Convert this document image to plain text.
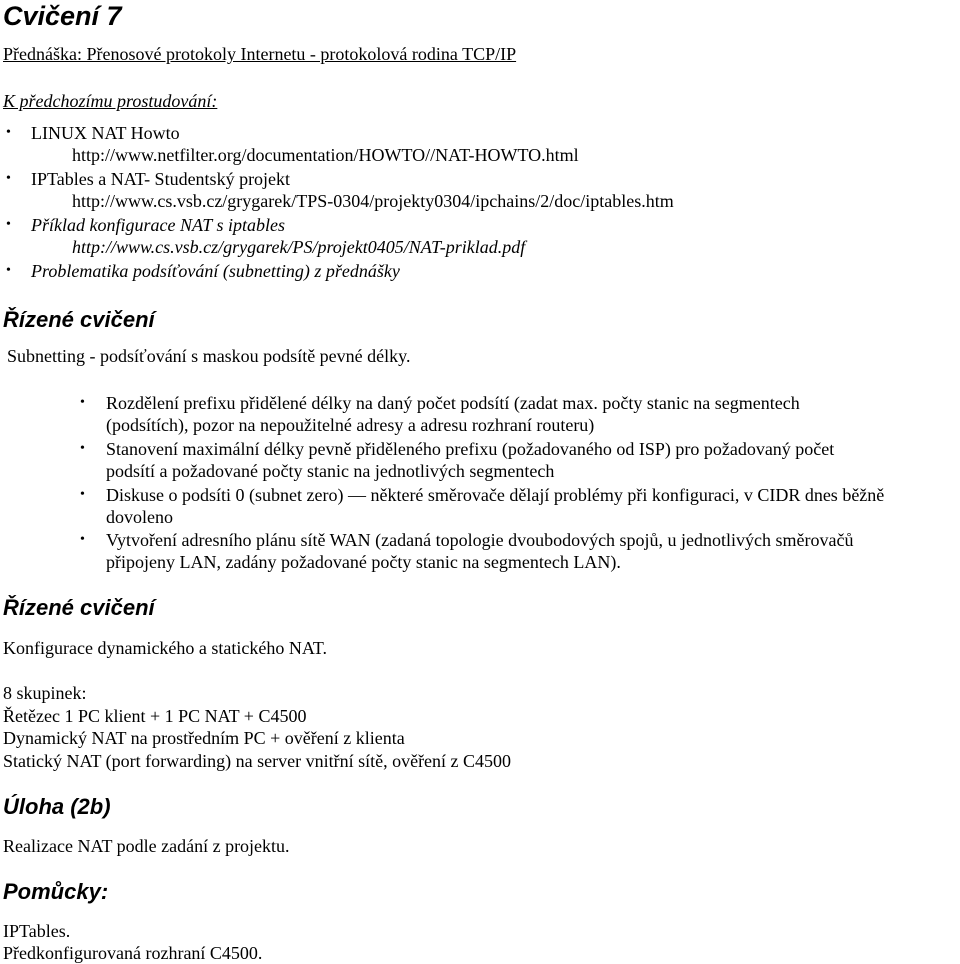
Cvičení 7
Přednáška: Přenosové protokoly Internetu - protokolová rodina TCP/IP
K předchozímu prostudování:
• LINUX NAT Howto
http://www.netfilter.org/documentation/HOWTO//NAT-HOWTO.html
• IPTables a NAT- Studentský projekt
http://www.cs.vsb.cz/grygarek/TPS-0304/projekty0304/ipchains/2/doc/iptables.htm
• Příklad konfigurace NAT s iptables
http://www.cs.vsb.cz/grygarek/PS/projekt0405/NAT-priklad.pdf
• Problematika podsíťování (subnetting) z přednášky
Řízené cvičení
Subnetting - podsíťování s maskou podsítě pevné délky.
• Rozdělení prefixu přidělené délky na daný počet podsítí (zadat max. počty stanic na segmentech
(podsítích), pozor na nepoužitelné adresy a adresu rozhraní routeru)
• Stanovení maximální délky pevně přiděleného prefixu (požadovaného od ISP) pro požadovaný počet
podsítí a požadované počty stanic na jednotlivých segmentech
• Diskuse o podsíti 0 (subnet zero) — některé směrovače dělají problémy při konfiguraci, v CIDR dnes běžně
dovoleno
• Vytvoření adresního plánu sítě WAN (zadaná topologie dvoubodových spojů, u jednotlivých směrovačů
připojeny LAN, zadány požadované počty stanic na segmentech LAN).
Řízené cvičení
Konfigurace dynamického a statického NAT.
8 skupinek:
Řetězec 1 PC klient + 1 PC NAT + C4500
Dynamický NAT na prostředním PC + ověření z klienta
Statický NAT (port forwarding) na server vnitřní sítě, ověření z C4500
Úloha (2b)
Realizace NAT podle zadání z projektu.
Pomůcky:
IPTables.
Předkonfigurovaná rozhraní C4500.
